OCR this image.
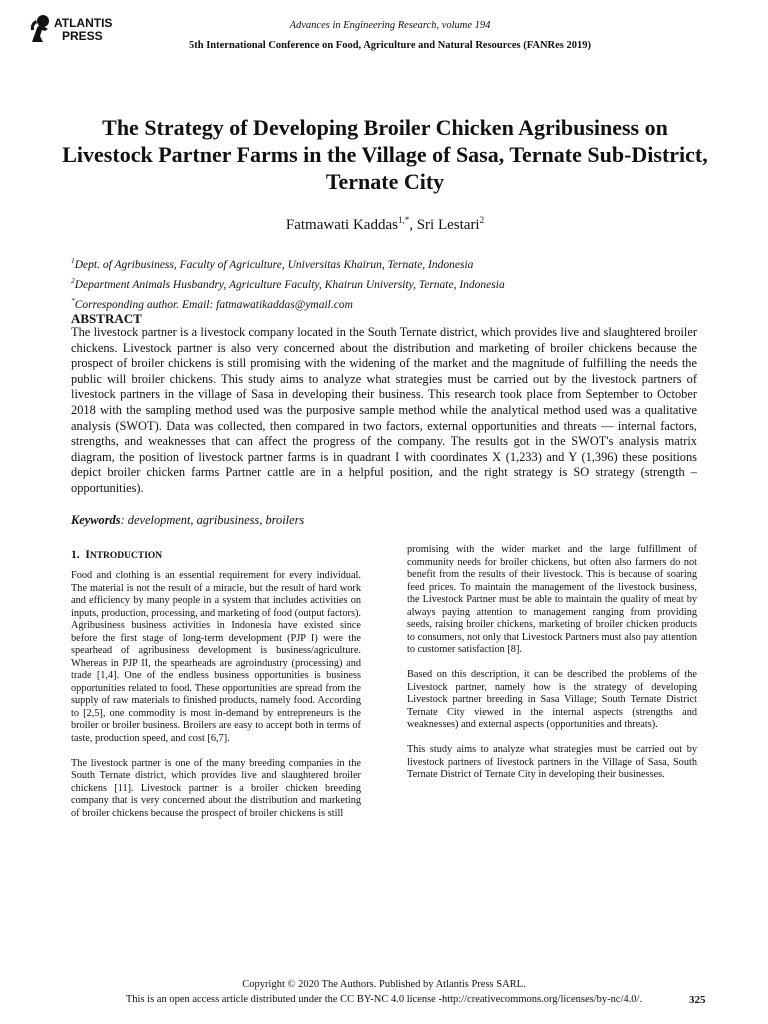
ATLANTIS
PRESS
Advances in Engineering Research, volume 194
5th International Conference on Food, Agriculture and Natural Resources (FANRes 2019)
The Strategy of Developing Broiler Chicken Agribusiness on Livestock Partner Farms in the Village of Sasa, Ternate Sub-District, Ternate City
Fatmawati Kaddas$^{1,*}$, Sri Lestari$^2$
$^1$Dept. of Agribusiness, Faculty of Agriculture, Universitas Khairun, Ternate, Indonesia
$^2$Department Animals Husbandry, Agriculture Faculty, Khairun University, Ternate, Indonesia
*Corresponding author. Email: fatmawatikaddas@ymail.com
ABSTRACT

The livestock partner is a livestock company located in the South Ternate district, which provides live and slaughtered broiler chickens. Livestock partner is also very concerned about the distribution and marketing of broiler chickens because the prospect of broiler chickens is still promising with the widening of the market and the magnitude of fulfilling the needs the public will broiler chickens. This study aims to analyze what strategies must be carried out by the livestock partners of livestock partners in the village of Sasa in developing their business. This research took place from September to October 2018 with the sampling method used was the purposive sample method while the analytical method used was a qualitative analysis (SWOT). Data was collected, then compared in two factors, external opportunities and threats — internal factors, strengths, and weaknesses that can affect the progress of the company. The results got in the SWOT's analysis matrix diagram, the position of livestock partner farms is in quadrant I with coordinates X (1,233) and Y (1,396) these positions depict broiler chicken farms Partner cattle are in a helpful position, and the right strategy is SO strategy (strength – opportunities).

Keywords: development, agribusiness, broilers
1. INTRODUCTION

Food and clothing is an essential requirement for every individual. The material is not the result of a miracle, but the result of hard work and efficiency by many people in a system that includes activities on inputs, production, processing, and marketing of food (output factors). Agribusiness business activities in Indonesia have existed since before the first stage of long-term development (PJP I) were the spearhead of agribusiness development is business/agriculture. Whereas in PJP II, the spearheads are agroindustry (processing) and trade [1,4]. One of the endless business opportunities is business opportunities related to food. These opportunities are spread from the supply of raw materials to finished products, namely food. According to [2,5], one commodity is most in-demand by entrepreneurs is the broiler or broiler business. Broilers are easy to accept both in terms of taste, production speed, and cost [6,7].

The livestock partner is one of the many breeding companies in the South Ternate district, which provides live and slaughtered broiler chickens [11]. Livestock partner is a broiler chicken breeding company that is very concerned about the distribution and marketing of broiler chickens because the prospect of broiler chickens is still

promising with the wider market and the large fulfillment of community needs for broiler chickens, but often also farmers do not benefit from the results of their livestock. This is because of soaring feed prices. To maintain the management of the livestock business, the Livestock Partner must be able to maintain the quality of meat by always paying attention to management ranging from providing seeds, raising broiler chickens, marketing of broiler chicken products to consumers, not only that Livestock Partners must also pay attention to customer satisfaction [8].

Based on this description, it can be described the problems of the Livestock partner, namely how is the strategy of developing Livestock partner breeding in Sasa Village; South Ternate District Ternate City viewed in the internal aspects (strengths and weaknesses) and external aspects (opportunities and threats).

This study aims to analyze what strategies must be carried out by livestock partners of livestock partners in the Village of Sasa, South Ternate District of Ternate City in developing their businesses.

Copyright © 2020 The Authors. Published by Atlantis Press SARL.
This is an open access article distributed under the CC BY-NC 4.0 license -http://creativecommons.org/licenses/by-nc/4.0/.	325
